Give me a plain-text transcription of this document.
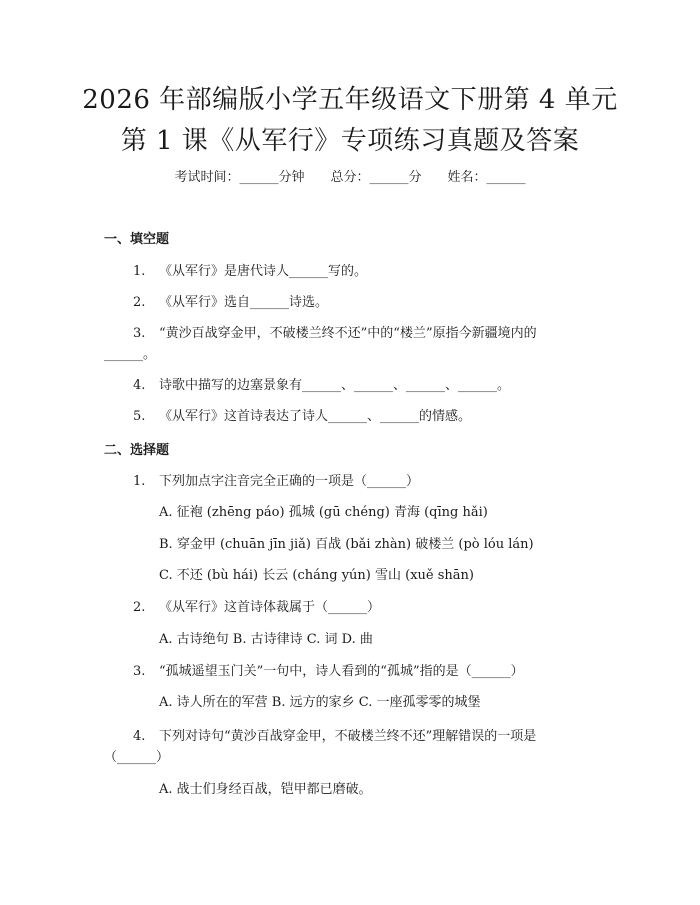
2026 年部编版小学五年级语文下册第 4 单元
第 1 课《从军行》专项练习真题及答案
考试时间：______分钟 总分：______分 姓名：______
一、填空题
1. 《从军行》是唐代诗人______写的。
2. 《从军行》选自______诗选。
3. “黄沙百战穿金甲，不破楼兰终不还”中的“楼兰”原指今新疆境内的
______。
4. 诗歌中描写的边塞景象有______、______、______、______。
5. 《从军行》这首诗表达了诗人______、______的情感。
二、选择题
1. 下列加点字注音完全正确的一项是（______）
A. 征袍 (zhēng páo) 孤城 (gū chéng) 青海 (qīng hǎi)
B. 穿金甲 (chuān jīn jiǎ) 百战 (bǎi zhàn) 破楼兰 (pò lóu lán)
C. 不还 (bù hái) 长云 (cháng yún) 雪山 (xuě shān)
2. 《从军行》这首诗体裁属于（______）
A. 古诗绝句 B. 古诗律诗 C. 词 D. 曲
3. “孤城遥望玉门关”一句中，诗人看到的“孤城”指的是（______）
A. 诗人所在的军营 B. 远方的家乡 C. 一座孤零零的城堡
4. 下列对诗句“黄沙百战穿金甲，不破楼兰终不还”理解错误的一项是
（______）
A. 战士们身经百战，铠甲都已磨破。
